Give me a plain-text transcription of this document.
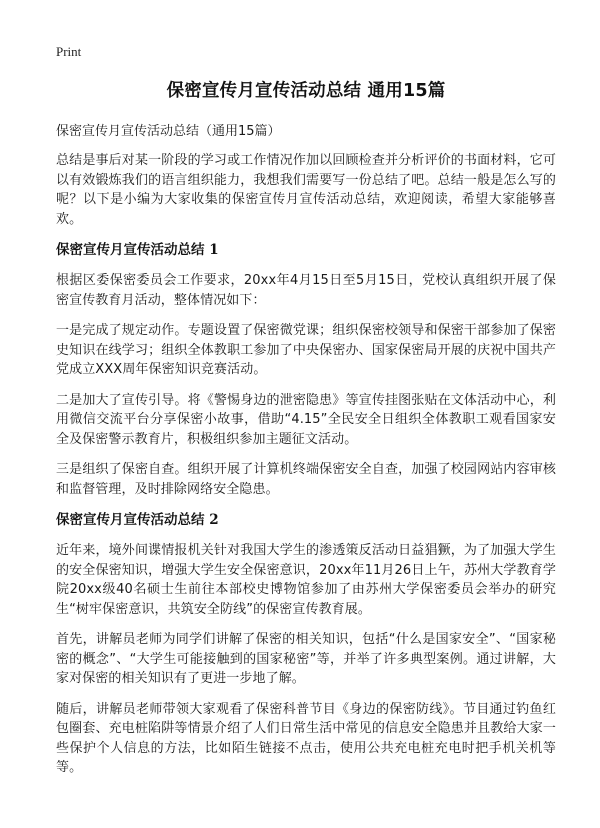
Print
保密宣传月宣传活动总结 通用15篇
保密宣传月宣传活动总结（通用15篇）
总结是事后对某一阶段的学习或工作情况作加以回顾检查并分析评价的书面材料，它可以有效锻炼我们的语言组织能力，我想我们需要写一份总结了吧。总结一般是怎么写的呢？以下是小编为大家收集的保密宣传月宣传活动总结，欢迎阅读，希望大家能够喜欢。
保密宣传月宣传活动总结 1
根据区委保密委员会工作要求，20xx年4月15日至5月15日，党校认真组织开展了保密宣传教育月活动，整体情况如下：
一是完成了规定动作。专题设置了保密微党课；组织保密校领导和保密干部参加了保密史知识在线学习；组织全体教职工参加了中央保密办、国家保密局开展的庆祝中国共产党成立XXX周年保密知识竞赛活动。
二是加大了宣传引导。将《警惕身边的泄密隐患》等宣传挂图张贴在文体活动中心，利用微信交流平台分享保密小故事，借助“4.15”全民安全日组织全体教职工观看国家安全及保密警示教育片，积极组织参加主题征文活动。
三是组织了保密自查。组织开展了计算机终端保密安全自查，加强了校园网站内容审核和监督管理，及时排除网络安全隐患。
保密宣传月宣传活动总结 2
近年来，境外间谍情报机关针对我国大学生的渗透策反活动日益猖獗，为了加强大学生的安全保密知识，增强大学生安全保密意识，20xx年11月26日上午，苏州大学教育学院20xx级40名硕士生前往本部校史博物馆参加了由苏州大学保密委员会举办的研究生“树牢保密意识，共筑安全防线”的保密宣传教育展。
首先，讲解员老师为同学们讲解了保密的相关知识，包括“什么是国家安全”、“国家秘密的概念”、“大学生可能接触到的国家秘密”等，并举了许多典型案例。通过讲解，大家对保密的相关知识有了更进一步地了解。
随后，讲解员老师带领大家观看了保密科普节目《身边的保密防线》。节目通过钓鱼红包圈套、充电桩陷阱等情景介绍了人们日常生活中常见的信息安全隐患并且教给大家一些保护个人信息的方法，比如陌生链接不点击，使用公共充电桩充电时把手机关机等等。
